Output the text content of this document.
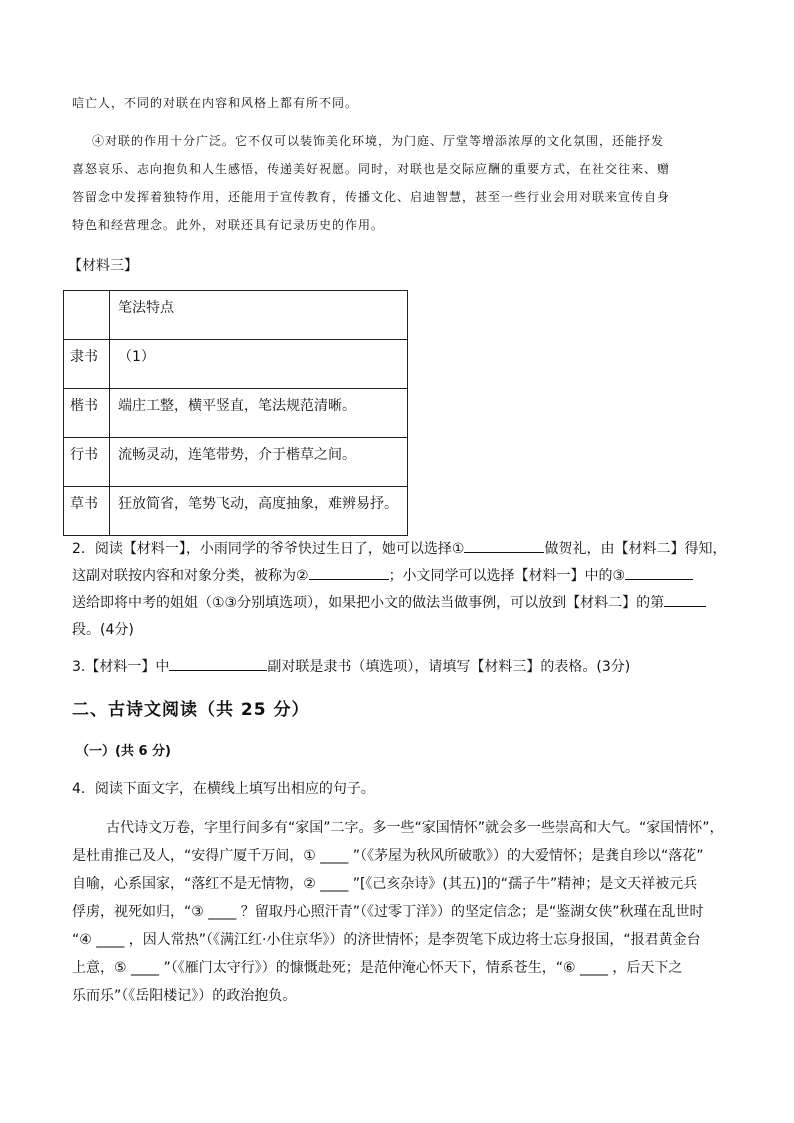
唁亡人，不同的对联在内容和风格上都有所不同。
④对联的作用十分广泛。它不仅可以装饰美化环境，为门庭、厅堂等增添浓厚的文化氛围，还能抒发
喜怒哀乐、志向抱负和人生感悟，传递美好祝愿。同时，对联也是交际应酬的重要方式，在社交往来、赠
答留念中发挥着独特作用，还能用于宣传教育，传播文化、启迪智慧，甚至一些行业会用对联来宣传自身
特色和经营理念。此外，对联还具有记录历史的作用。
【材料三】
	笔法特点
隶书	（1）
楷书	端庄工整，横平竖直，笔法规范清晰。
行书	流畅灵动，连笔带势，介于楷草之间。
草书	狂放简省，笔势飞动，高度抽象，难辨易抒。
2．阅读【材料一】，小雨同学的爷爷快过生日了，她可以选择①	做贺礼，由【材料二】得知，
这副对联按内容和对象分类，被称为②	；小文同学可以选择【材料一】中的③
送给即将中考的姐姐（①③分别填选项），如果把小文的做法当做事例，可以放到【材料二】的第
段。(4分)
3.【材料一】中	副对联是隶书（填选项），请填写【材料三】的表格。(3分)
二、古诗文阅读（共 25 分）
（一）(共 6 分)
4．阅读下面文字，在横线上填写出相应的句子。
古代诗文万卷，字里行间多有“家国”二字。多一些“家国情怀”就会多一些崇高和大气。“家国情怀”，
是杜甫推己及人，“安得广厦千万间，① ____ ”（《茅屋为秋风所破歌》）的大爱情怀；是龚自珍以“落花”
自喻，心系国家，“落红不是无情物，② ____ ”[《己亥杂诗》(其五)]的“孺子牛”精神；是文天祥被元兵
俘虏，视死如归，“③ ____ ？留取丹心照汗青”（《过零丁洋》）的坚定信念；是“鉴湖女侠”秋瑾在乱世时
“④ ____ ，因人常热”（《满江红·小住京华》）的济世情怀；是李贺笔下成边将士忘身报国，“报君黄金台
上意，⑤ ____ ”（《雁门太守行》）的慷慨赴死；是范仲淹心怀天下，情系苍生，“⑥ ____ ，后天下之
乐而乐”（《岳阳楼记》）的政治抱负。
